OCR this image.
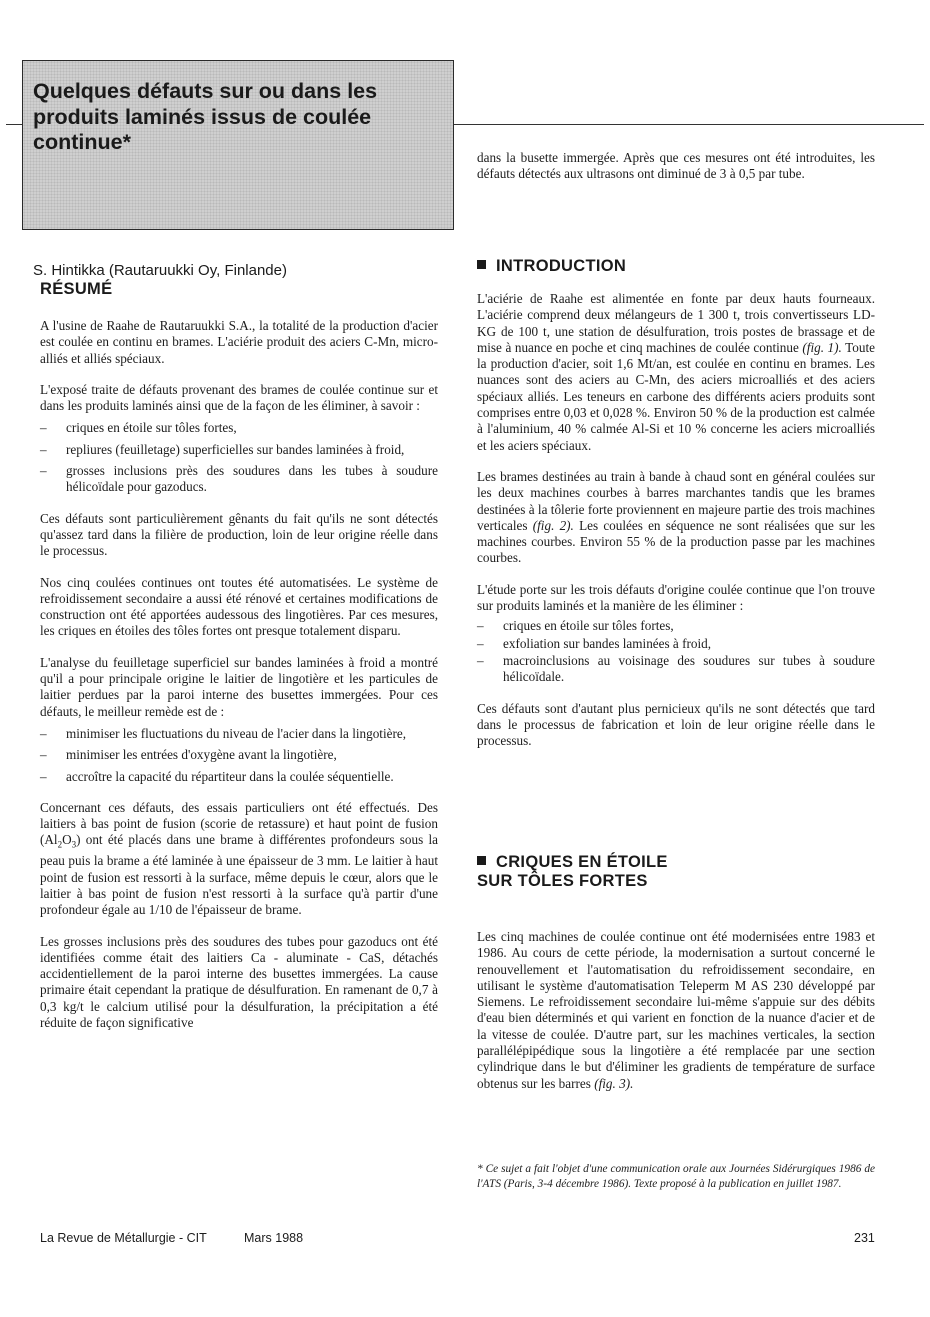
Quelques défauts sur ou dans les produits laminés issus de coulée continue*

S. Hintikka (Rautaruukki Oy, Finlande)

dans la busette immergée. Après que ces mesures ont été introduites, les défauts détectés aux ultrasons ont diminué de 3 à 0,5 par tube.

RÉSUMÉ

A l'usine de Raahe de Rautaruukki S.A., la totalité de la production d'acier est coulée en continu en brames. L'aciérie produit des aciers C-Mn, micro-alliés et alliés spéciaux.

L'exposé traite de défauts provenant des brames de coulée continue sur et dans les produits laminés ainsi que de la façon de les éliminer, à savoir :

–	criques en étoile sur tôles fortes,
–	repliures (feuilletage) superficielles sur bandes laminées à froid,
–	grosses inclusions près des soudures dans les tubes à soudure hélicoïdale pour gazoducs.

Ces défauts sont particulièrement gênants du fait qu'ils ne sont détectés qu'assez tard dans la filière de production, loin de leur origine réelle dans le processus.

Nos cinq coulées continues ont toutes été automatisées. Le système de refroidissement secondaire a aussi été rénové et certaines modifications de construction ont été apportées audessous des lingotières. Par ces mesures, les criques en étoiles des tôles fortes ont presque totalement disparu.

L'analyse du feuilletage superficiel sur bandes laminées à froid a montré qu'il a pour principale origine le laitier de lingotière et les particules de laitier perdues par la paroi interne des busettes immergées. Pour ces défauts, le meilleur remède est de :

–	minimiser les fluctuations du niveau de l'acier dans la lingotière,
–	minimiser les entrées d'oxygène avant la lingotière,
–	accroître la capacité du répartiteur dans la coulée séquentielle.

Concernant ces défauts, des essais particuliers ont été effectués. Des laitiers à bas point de fusion (scorie de retassure) et haut point de fusion $(Al_2O_3)$ ont été placés dans une brame à différentes profondeurs sous la peau puis la brame a été laminée à une épaisseur de 3 mm. Le laitier à haut point de fusion est ressorti à la surface, même depuis le cœur, alors que le laitier à bas point de fusion n'est ressorti à la surface qu'à partir d'une profondeur égale au 1/10 de l'épaisseur de brame.

Les grosses inclusions près des soudures des tubes pour gazoducs ont été identifiées comme était des laitiers Ca - aluminate - CaS, détachés accidentiellement de la paroi interne des busettes immergées. La cause primaire était cependant la pratique de désulfuration. En ramenant de 0,7 à 0,3 kg/t le calcium utilisé pour la désulfuration, la précipitation a été réduite de façon significative

INTRODUCTION

L'aciérie de Raahe est alimentée en fonte par deux hauts fourneaux. L'aciérie comprend deux mélangeurs de 1 300 t, trois convertisseurs LD-KG de 100 t, une station de désulfuration, trois postes de brassage et de mise à nuance en poche et cinq machines de coulée continue (fig. 1). Toute la production d'acier, soit 1,6 Mt/an, est coulée en continu en brames. Les nuances sont des aciers au C-Mn, des aciers microalliés et des aciers spéciaux alliés. Les teneurs en carbone des différents aciers produits sont comprises entre 0,03 et 0,028 %. Environ 50 % de la production est calmée à l'aluminium, 40 % calmée Al-Si et 10 % concerne les aciers microalliés et les aciers spéciaux.

Les brames destinées au train à bande à chaud sont en général coulées sur les deux machines courbes à barres marchantes tandis que les brames destinées à la tôlerie forte proviennent en majeure partie des trois machines verticales (fig. 2). Les coulées en séquence ne sont réalisées que sur les machines courbes. Environ 55 % de la production passe par les machines courbes.

L'étude porte sur les trois défauts d'origine coulée continue que l'on trouve sur produits laminés et la manière de les éliminer :

–	criques en étoile sur tôles fortes,
–	exfoliation sur bandes laminées à froid,
–	macroinclusions au voisinage des soudures sur tubes à soudure hélicoïdale.

Ces défauts sont d'autant plus pernicieux qu'ils ne sont détectés que tard dans le processus de fabrication et loin de leur origine réelle dans le processus.

CRIQUES EN ÉTOILE
SUR TÔLES FORTES

Les cinq machines de coulée continue ont été modernisées entre 1983 et 1986. Au cours de cette période, la modernisation a surtout concerné le renouvellement et l'automatisation du refroidissement secondaire, en utilisant le système d'automatisation Teleperm M AS 230 développé par Siemens. Le refroidissement secondaire lui-même s'appuie sur des débits d'eau bien déterminés et qui varient en fonction de la nuance d'acier et de la vitesse de coulée. D'autre part, sur les machines verticales, la section parallélépipédique sous la lingotière a été remplacée par une section cylindrique dans le but d'éliminer les gradients de température de surface obtenus sur les barres (fig. 3).

* Ce sujet a fait l'objet d'une communication orale aux Journées Sidérurgiques 1986 de l'ATS (Paris, 3-4 décembre 1986). Texte proposé à la publication en juillet 1987.
La Revue de Métallurgie - CIT	Mars 1988	231
